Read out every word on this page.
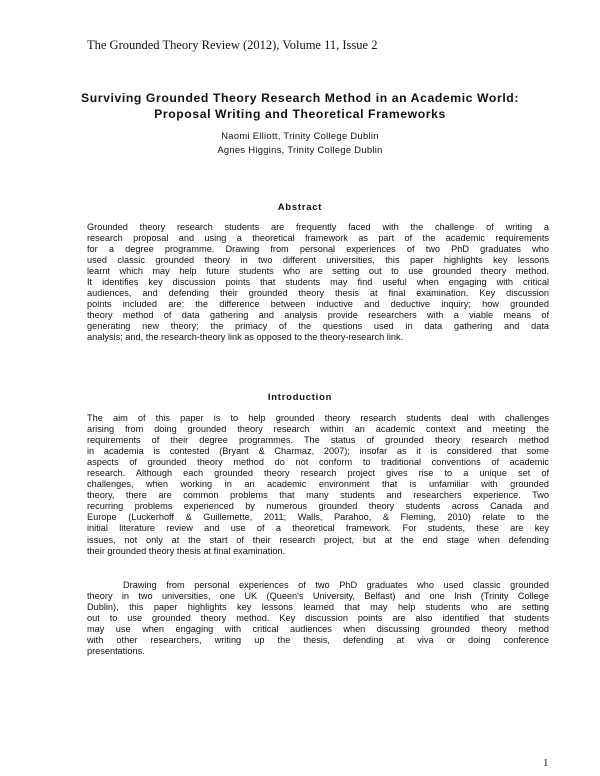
The Grounded Theory Review (2012), Volume 11, Issue 2
Surviving Grounded Theory Research Method in an Academic World:
Proposal Writing and Theoretical Frameworks
Naomi Elliott, Trinity College Dublin
Agnes Higgins, Trinity College Dublin
Abstract
Grounded theory research students are frequently faced with the challenge of writing a
research proposal and using a theoretical framework as part of the academic requirements
for a degree programme. Drawing from personal experiences of two PhD graduates who
used classic grounded theory in two different universities, this paper highlights key lessons
learnt which may help future students who are setting out to use grounded theory method.
It identifies key discussion points that students may find useful when engaging with critical
audiences, and defending their grounded theory thesis at final examination. Key discussion
points included are: the difference between inductive and deductive inquiry; how grounded
theory method of data gathering and analysis provide researchers with a viable means of
generating new theory; the primacy of the questions used in data gathering and data
analysis; and, the research-theory link as opposed to the theory-research link.
Introduction
The aim of this paper is to help grounded theory research students deal with challenges
arising from doing grounded theory research within an academic context and meeting the
requirements of their degree programmes. The status of grounded theory research method
in academia is contested (Bryant & Charmaz, 2007); insofar as it is considered that some
aspects of grounded theory method do not conform to traditional conventions of academic
research. Although each grounded theory research project gives rise to a unique set of
challenges, when working in an academic environment that is unfamiliar with grounded
theory, there are common problems that many students and researchers experience. Two
recurring problems experienced by numerous grounded theory students across Canada and
Europe (Luckerhoff & Guillemette, 2011; Walls, Parahoo, & Fleming, 2010) relate to the
initial literature review and use of a theoretical framework. For students, these are key
issues, not only at the start of their research project, but at the end stage when defending
their grounded theory thesis at final examination.
Drawing from personal experiences of two PhD graduates who used classic grounded
theory in two universities, one UK (Queen's University, Belfast) and one Irish (Trinity College
Dublin), this paper highlights key lessons learned that may help students who are setting
out to use grounded theory method. Key discussion points are also identified that students
may use when engaging with critical audiences when discussing grounded theory method
with other researchers, writing up the thesis, defending at viva or doing conference
presentations.
1
